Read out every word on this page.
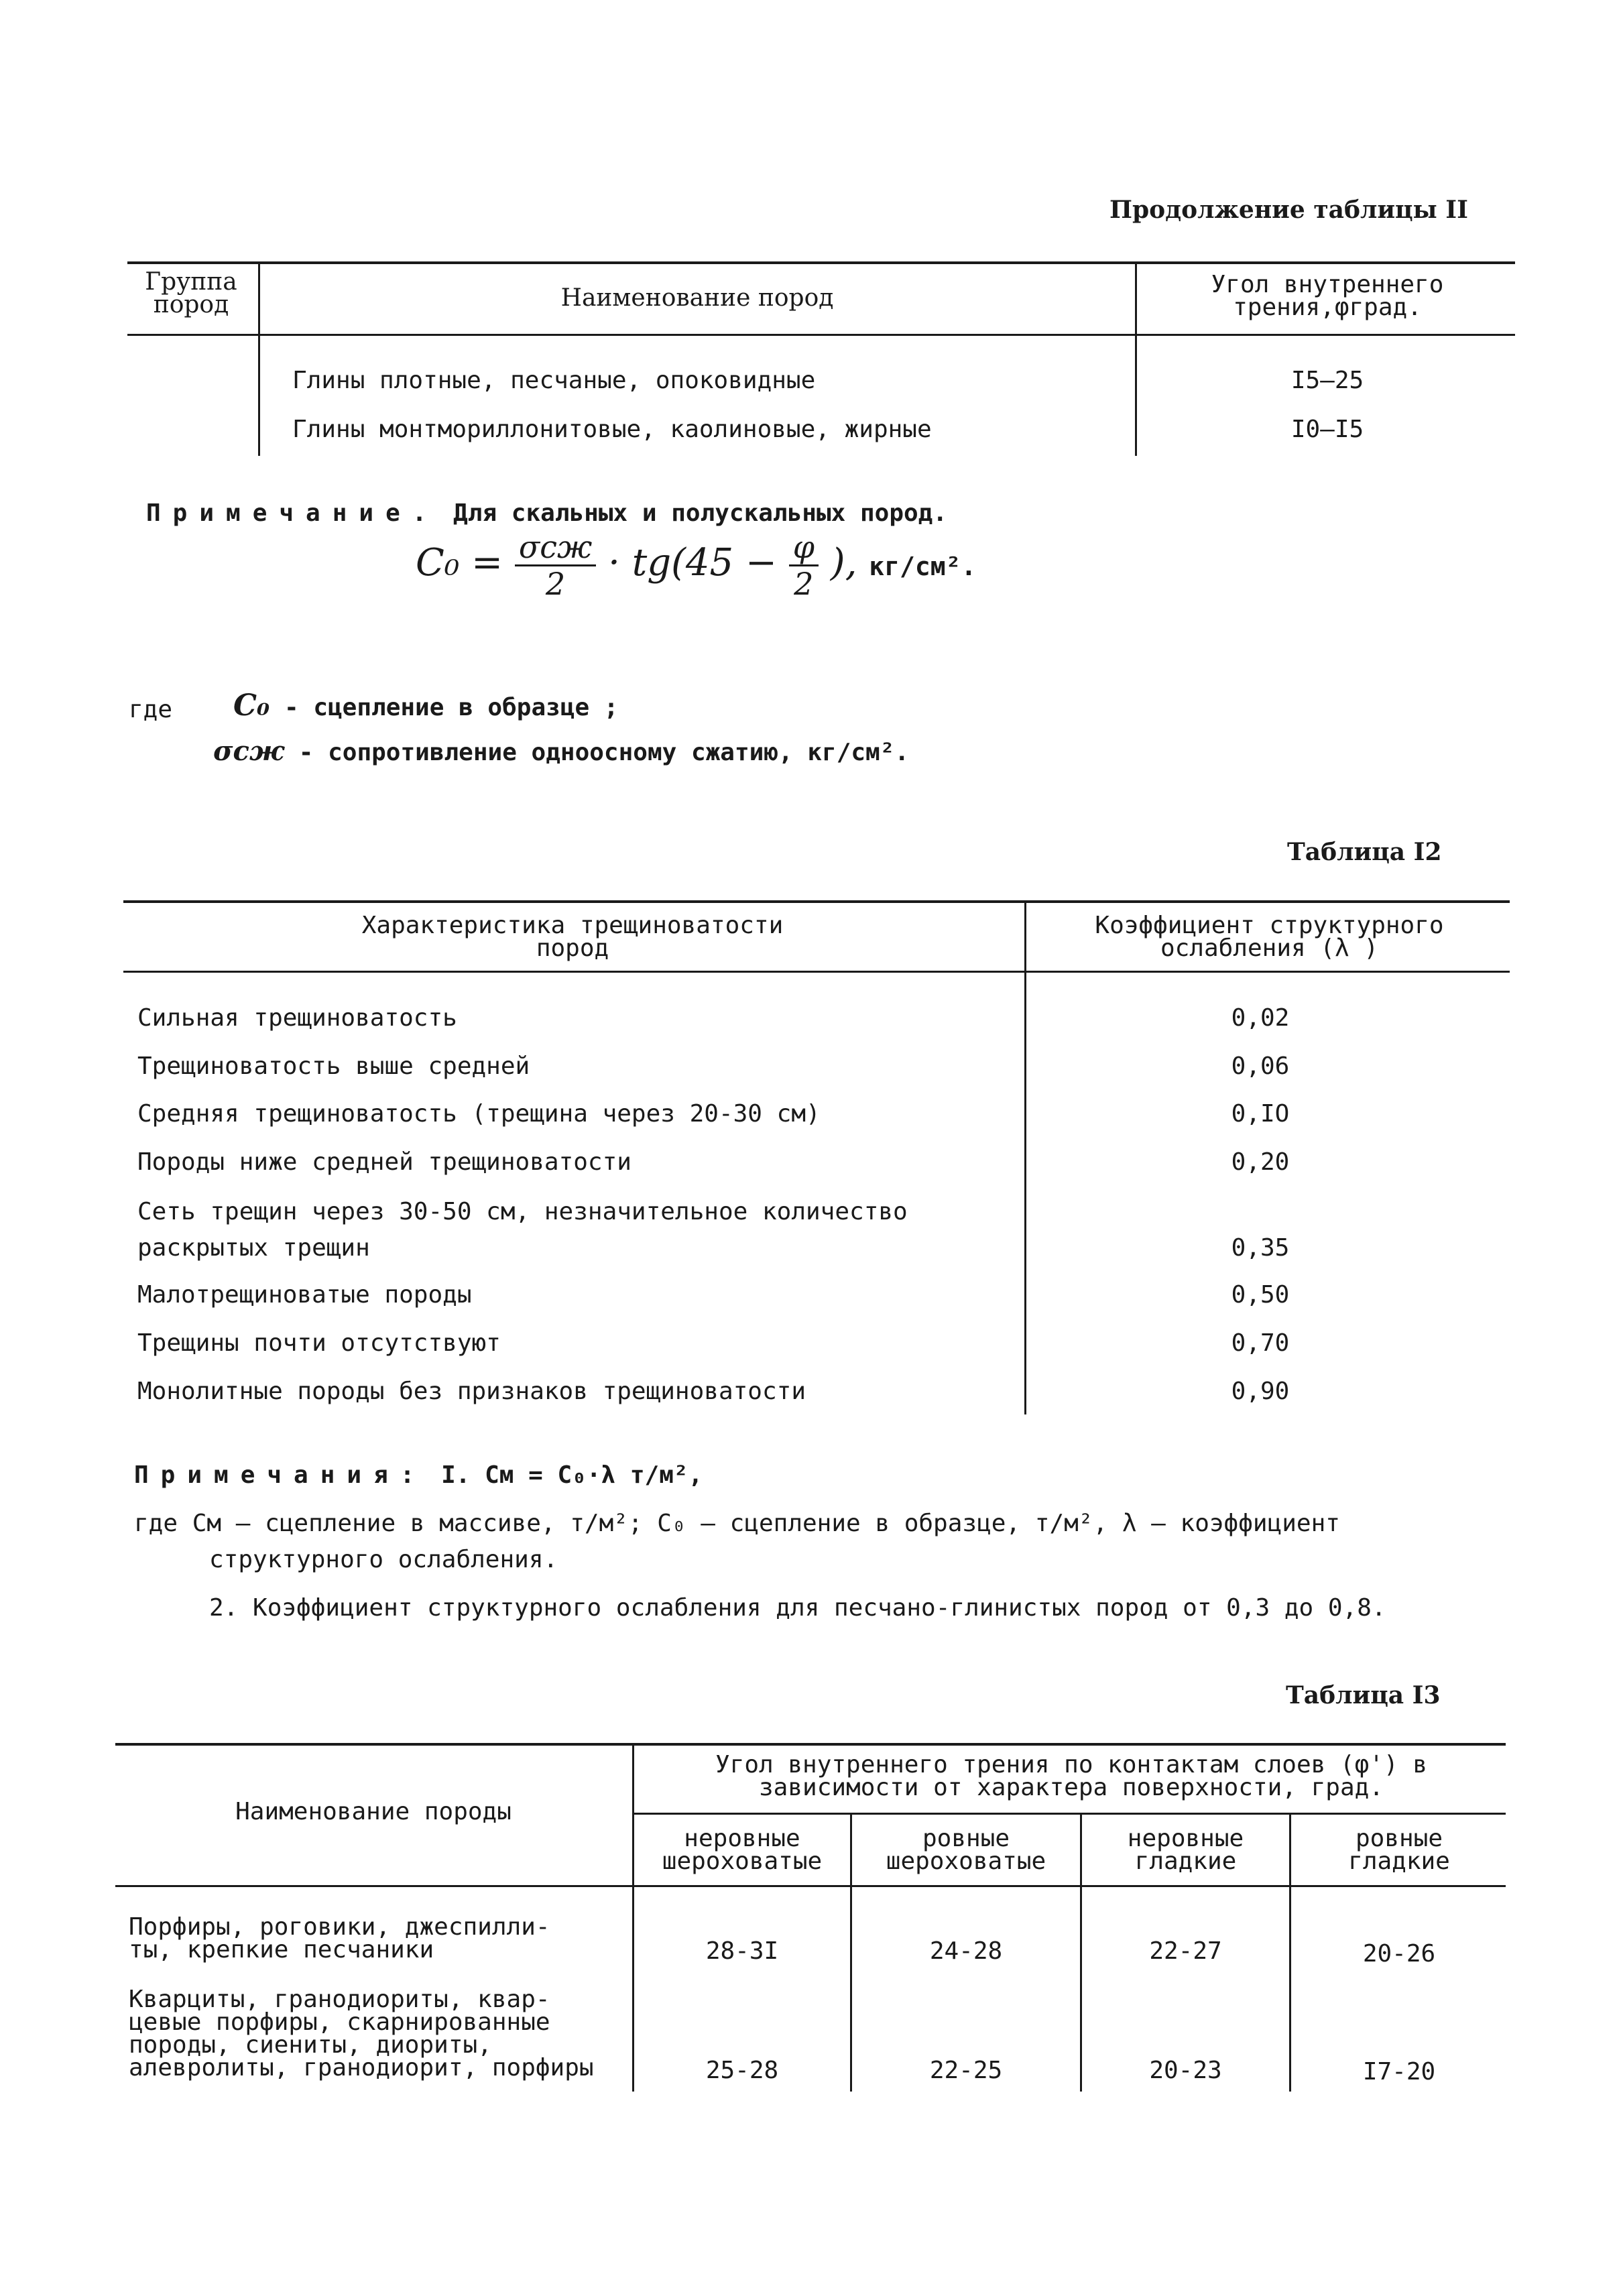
Продолжение таблицы II
Группа
пород	Наименование пород	Угол внутреннего
трения,φград.
Глины плотные, песчаные, опоковидные	I5–25
Глины монтмориллонитовые, каолиновые, жирные	I0–I5
Примечание. Для скальных и полускальных пород.
$C_0 = \frac{\text{σсж}}{2} \cdot tg(45 - \frac{\varphi}{2}$ ), кг/см².
где C₀ - сцепление в образце ;
σсж - сопротивление одноосному сжатию, кг/см².
Таблица I2
Характеристика трещиноватости
пород
Коэффициент структурного
ослабления (λ )
Сильная трещиноватость	0,02
Трещиноватость выше средней	0,06
Средняя трещиноватость (трещина через 20-30 см)	0,IO
Породы ниже средней трещиноватости	0,20
Сеть трещин через 30-50 см, незначительное количество
раскрытых трещин	0,35
Малотрещиноватые породы	0,50
Трещины почти отсутствуют	0,70
Монолитные породы без признаков трещиноватости	0,90
Примечания: I. Cм = C₀·λ т/м²,
где Cм – сцепление в массиве, т/м²; C₀ – сцепление в образце, т/м², λ – коэффициент
структурного ослабления.
2. Коэффициент структурного ослабления для песчано-глинистых пород от 0,3 до 0,8.
Таблица I3
Наименование породы
Угол внутреннего трения по контактам слоев (φ') в
зависимости от характера поверхности, град.
неровные
шероховатые
ровные
шероховатые
неровные
гладкие
ровные
гладкие
Порфиры, роговики, джеспилли-
ты, крепкие песчаники	28-3I	24-28	22-27	20-26
Кварциты, гранодиориты, квар-
цевые порфиры, скарнированные
породы, сиениты, диориты,
алевролиты, гранодиорит, порфиры	25-28	22-25	20-23	I7-20
